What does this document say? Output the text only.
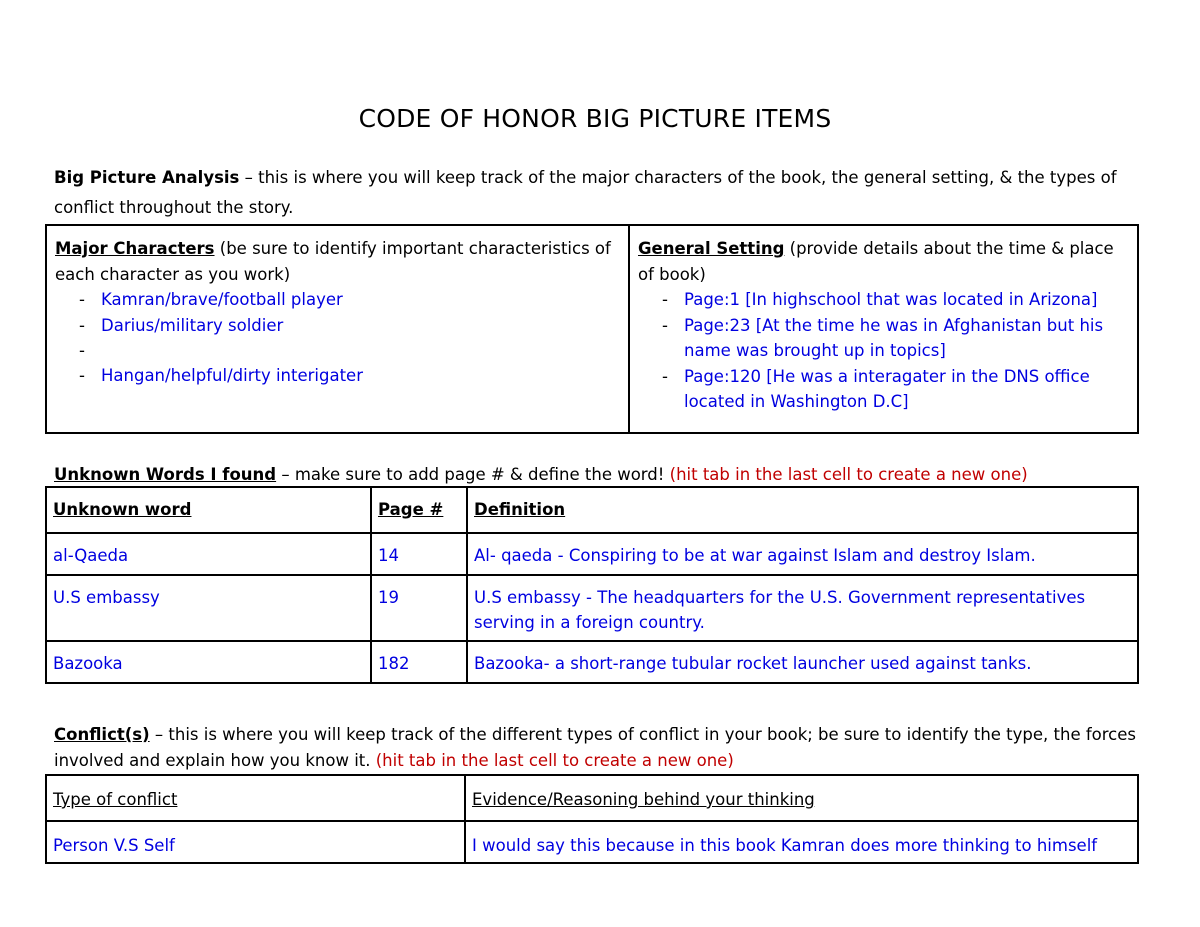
CODE OF HONOR BIG PICTURE ITEMS
Big Picture Analysis – this is where you will keep track of the major characters of the book, the general setting, & the types of conflict throughout the story.
Major Characters (be sure to identify important characteristics of each character as you work)
- Kamran/brave/football player
- Darius/military soldier
-
- Hangan/helpful/dirty interigater
	General Setting (provide details about the time & place of book)
- Page:1 [In highschool that was located in Arizona]
- Page:23 [At the time he was in Afghanistan but his name was brought up in topics]
- Page:120 [He was a interagater in the DNS office located in Washington D.C]
Unknown Words I found – make sure to add page # & define the word! (hit tab in the last cell to create a new one)
Unknown word	Page #	Definition
al-Qaeda	14	Al- qaeda - Conspiring to be at war against Islam and destroy Islam.
U.S embassy	19	U.S embassy - The headquarters for the U.S. Government representatives serving in a foreign country.
Bazooka	182	Bazooka- a short-range tubular rocket launcher used against tanks.
Conflict(s) – this is where you will keep track of the different types of conflict in your book; be sure to identify the type, the forces involved and explain how you know it. (hit tab in the last cell to create a new one)
Type of conflict	Evidence/Reasoning behind your thinking
Person V.S Self	I would say this because in this book Kamran does more thinking to himself
